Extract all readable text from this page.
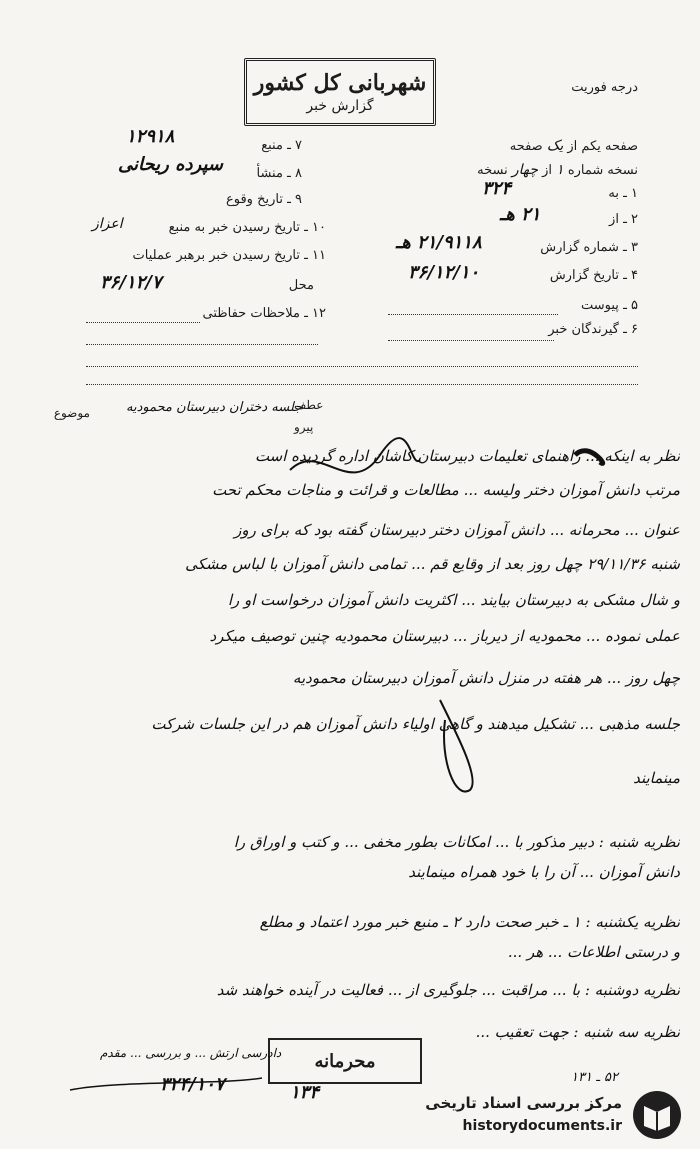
شهربانی کل کشور
گزارش خبر
درجه فوریت
۱۲۹۱۸	۷ ـ منبع
سپرده ریحانی	۸ ـ منشأ
۹ ـ تاریخ وقوع
اعزاز	۱۰ ـ تاریخ رسیدن خبر به منبع
۱۱ ـ تاریخ رسیدن خبر برهبر عملیات
۳۶/۱۲/۷	محل
۱۲ ـ ملاحظات حفاظتی
صفحه یکم از یک صفحه
نسخه شماره ۱ از چهار نسخه
۱ ـ به
۳۲۴
۲ ـ از
۲۱ هـ
۳ ـ شماره گزارش
۲۱/۹۱۱۸ هـ
۴ ـ تاریخ گزارش
۳۶/۱۲/۱۰
۵ ـ پیوست
۶ ـ گیرندگان خبر
موضوع	جلسه دختران دبیرستان محمودیه
عطف
پیرو
نظر به اینکه ... راهنمای تعلیمات دبیرستان کاشان اداره گردیده است
مرتب دانش آموزان دختر ولیسه ... مطالعات و قرائت و مناجات محکم تحت
عنوان ... محرمانه ... دانش آموزان دختر دبیرستان گفته بود که برای روز
شنبه ۲۹/۱۱/۳۶ چهل روز بعد از وقایع قم ... تمامی دانش آموزان با لباس مشکی
و شال مشکی به دبیرستان بیایند ... اکثریت دانش آموزان درخواست او را
عملی نموده ... محمودیه از دیرباز ... دبیرستان محمودیه چنین توصیف میکرد
چهل روز ... هر هفته در منزل دانش آموزان دبیرستان محمودیه
جلسه مذهبی ... تشکیل میدهند و گاهی اولیاء دانش آموزان هم در این جلسات شرکت
مینمایند
نظریه شنبه : دبیر مذکور با ... امکانات بطور مخفی ... و کتب و اوراق را
دانش آموزان ... آن را با خود همراه مینمایند
نظریه یکشنبه : ۱ ـ خبر صحت دارد ۲ ـ منبع خبر مورد اعتماد و مطلع
و درستی اطلاعات ... هر ...
نظریه دوشنبه : با ... مراقبت ... جلوگیری از ... فعالیت در آینده خواهند شد
نظریه سه شنبه : جهت تعقیب ...
۵۲ ـ ۱۳۱
محرمانه
۳۲۴/۱۰۷	۱۳۴
دادرسی ارتش ... و بررسی ... مقدم
مرکز بررسی اسناد تاریخی
historydocuments.ir
